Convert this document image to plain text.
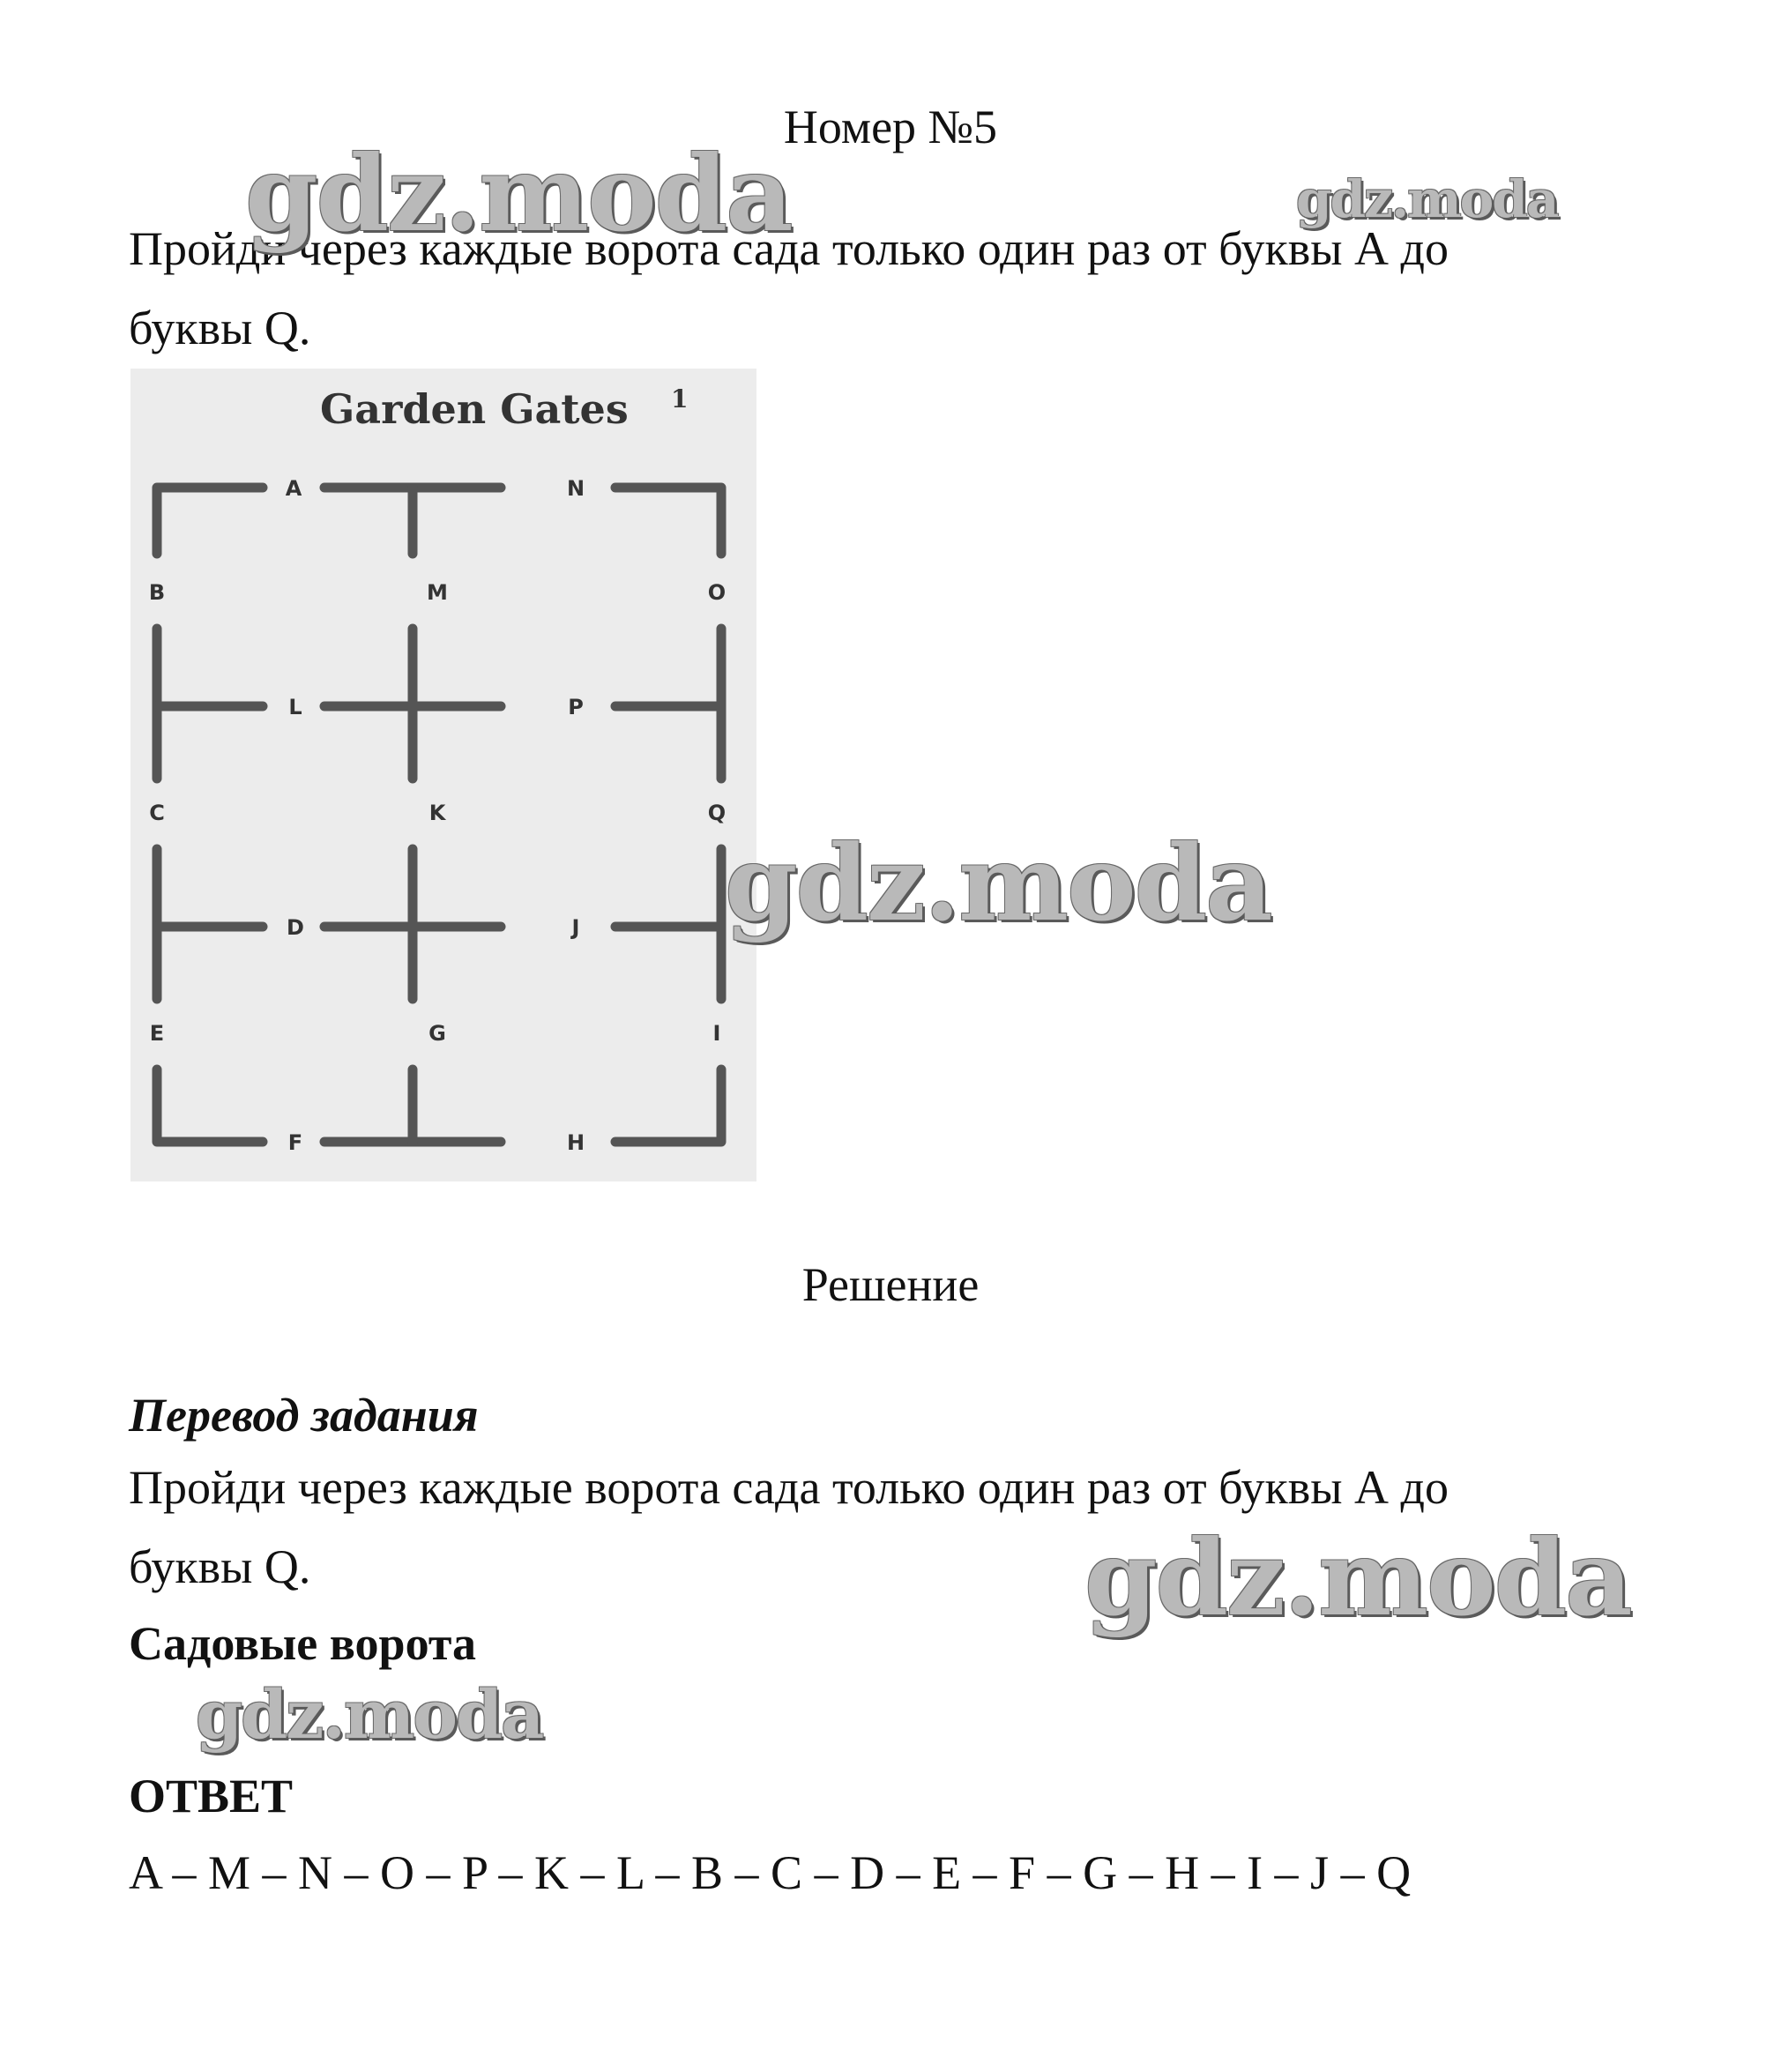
Номер №5
Пройди через каждые ворота сада только один раз от буквы А до
буквы Q.
Garden Gates 1
A	N
B	M	O
L	P
C	K	Q
D	J
E	G	I
F	H
Решение
Перевод задания
Пройди через каждые ворота сада только один раз от буквы А до
буквы Q.
Садовые ворота
ОТВЕТ
A – M – N – O – P – K – L – B – C – D – E – F – G – H – I – J – Q
gdz.moda	gdz.moda
gdz.moda
gdz.moda
gdz.moda
